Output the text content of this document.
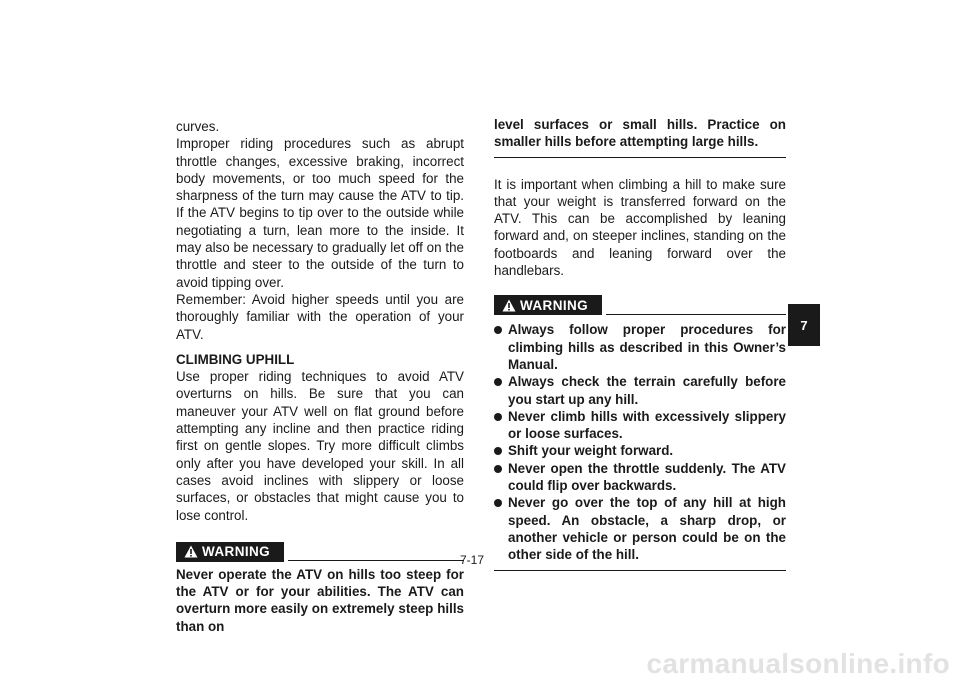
curves.

Improper riding procedures such as abrupt throttle changes, excessive braking, incorrect body movements, or too much speed for the sharpness of the turn may cause the ATV to tip. If the ATV begins to tip over to the outside while negotiating a turn, lean more to the inside. It may also be necessary to gradually let off on the throttle and steer to the outside of the turn to avoid tipping over.

Remember: Avoid higher speeds until you are thoroughly familiar with the operation of your ATV.

CLIMBING UPHILL

Use proper riding techniques to avoid ATV overturns on hills. Be sure that you can maneuver your ATV well on flat ground before attempting any incline and then practice riding first on gentle slopes. Try more difficult climbs only after you have developed your skill. In all cases avoid inclines with slippery or loose surfaces, or obstacles that might cause you to lose control.

WARNING

Never operate the ATV on hills too steep for the ATV or for your abilities. The ATV can overturn more easily on extremely steep hills than on

level surfaces or small hills. Practice on smaller hills before attempting large hills.

It is important when climbing a hill to make sure that your weight is transferred forward on the ATV. This can be accomplished by leaning forward and, on steeper inclines, standing on the footboards and leaning forward over the handlebars.

WARNING
Always follow proper procedures for climbing hills as described in this Owner’s Manual.
Always check the terrain carefully before you start up any hill.
Never climb hills with excessively slippery or loose surfaces.
Shift your weight forward.
Never open the throttle suddenly. The ATV could flip over backwards.
Never go over the top of any hill at high speed. An obstacle, a sharp drop, or another vehicle or person could be on the other side of the hill.
7
7-17
carmanualsonline.info
